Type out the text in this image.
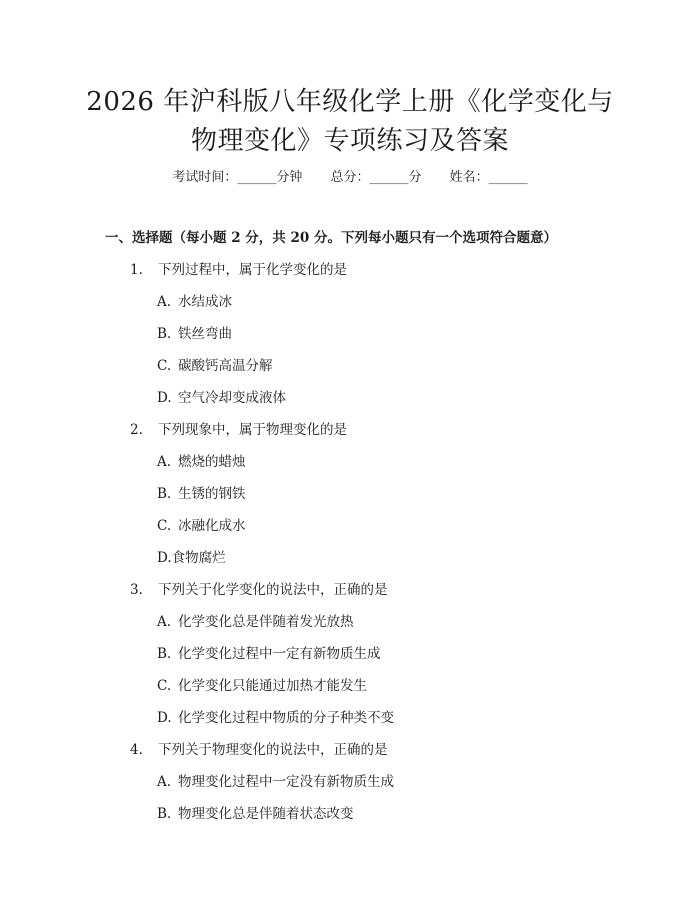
2026 年沪科版八年级化学上册《化学变化与
物理变化》专项练习及答案
考试时间：______分钟 总分：______分 姓名：______
一、选择题（每小题 2 分，共 20 分。下列每小题只有一个选项符合题意）
1. 下列过程中，属于化学变化的是
A. 水结成冰
B. 铁丝弯曲
C. 碳酸钙高温分解
D. 空气冷却变成液体
2. 下列现象中，属于物理变化的是
A. 燃烧的蜡烛
B. 生锈的钢铁
C. 冰融化成水
D.食物腐烂
3. 下列关于化学变化的说法中，正确的是
A. 化学变化总是伴随着发光放热
B. 化学变化过程中一定有新物质生成
C. 化学变化只能通过加热才能发生
D. 化学变化过程中物质的分子种类不变
4. 下列关于物理变化的说法中，正确的是
A. 物理变化过程中一定没有新物质生成
B. 物理变化总是伴随着状态改变
